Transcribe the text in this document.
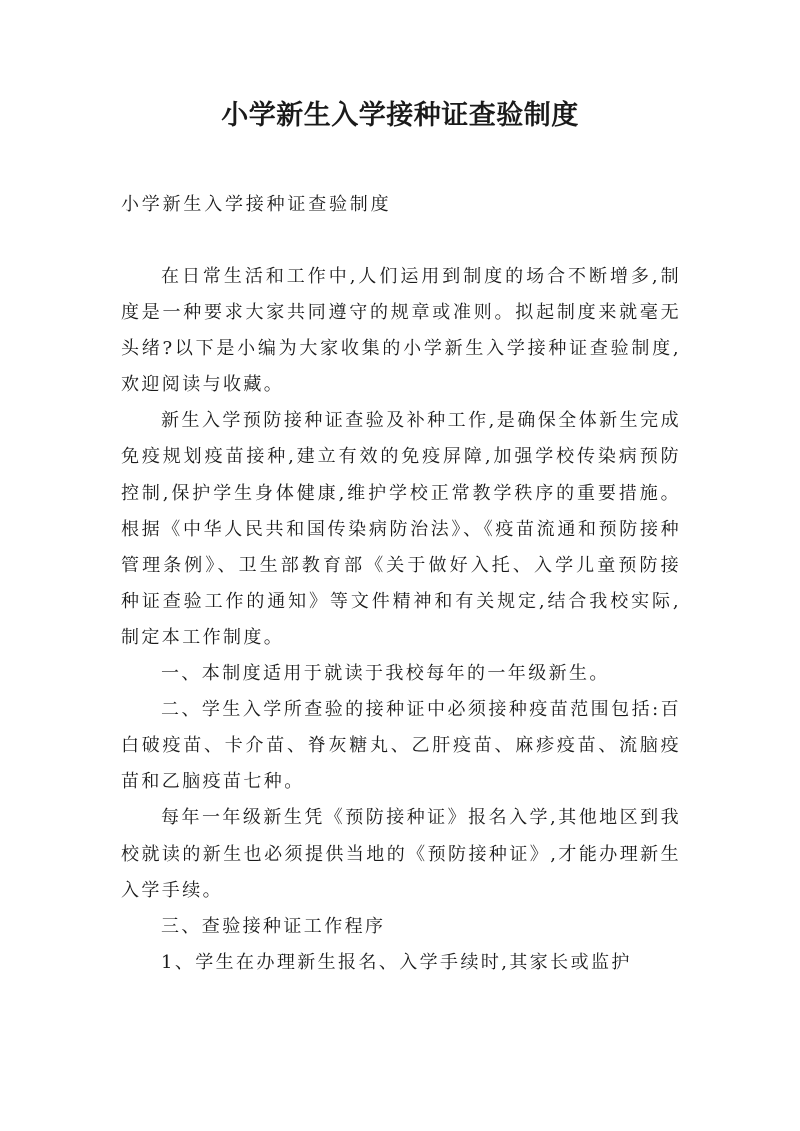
小学新生入学接种证查验制度
小学新生入学接种证查验制度

在日常生活和工作中,人们运用到制度的场合不断增多,制度是一种要求大家共同遵守的规章或准则。拟起制度来就毫无头绪?以下是小编为大家收集的小学新生入学接种证查验制度,欢迎阅读与收藏。

新生入学预防接种证查验及补种工作,是确保全体新生完成免疫规划疫苗接种,建立有效的免疫屏障,加强学校传染病预防控制,保护学生身体健康,维护学校正常教学秩序的重要措施。根据《中华人民共和国传染病防治法》、《疫苗流通和预防接种管理条例》、卫生部教育部《关于做好入托、入学儿童预防接种证查验工作的通知》等文件精神和有关规定,结合我校实际,制定本工作制度。

一、本制度适用于就读于我校每年的一年级新生。

二、学生入学所查验的接种证中必须接种疫苗范围包括:百白破疫苗、卡介苗、脊灰糖丸、乙肝疫苗、麻疹疫苗、流脑疫苗和乙脑疫苗七种。

每年一年级新生凭《预防接种证》报名入学,其他地区到我校就读的新生也必须提供当地的《预防接种证》,才能办理新生入学手续。

三、查验接种证工作程序

1、学生在办理新生报名、入学手续时,其家长或监护
